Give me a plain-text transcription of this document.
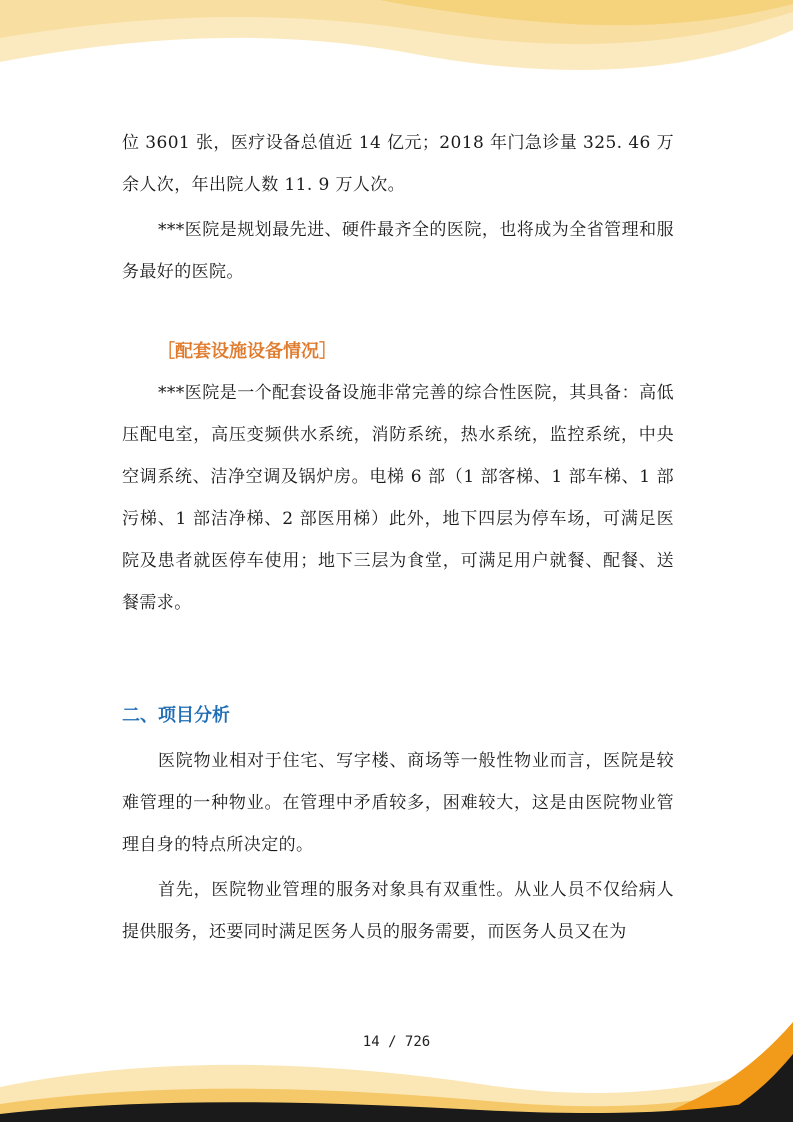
位 3601 张，医疗设备总值近 14 亿元；2018 年门急诊量 325. 46 万余人次，年出院人数 11. 9 万人次。

***医院是规划最先进、硬件最齐全的医院，也将成为全省管理和服务最好的医院。

［配套设施设备情况］

***医院是一个配套设备设施非常完善的综合性医院，其具备：高低压配电室，高压变频供水系统，消防系统，热水系统，监控系统，中央空调系统、洁净空调及锅炉房。电梯 6 部（1 部客梯、1 部车梯、1 部污梯、1 部洁净梯、2 部医用梯）此外，地下四层为停车场，可满足医院及患者就医停车使用；地下三层为食堂，可满足用户就餐、配餐、送餐需求。

二、项目分析

医院物业相对于住宅、写字楼、商场等一般性物业而言，医院是较难管理的一种物业。在管理中矛盾较多，困难较大，这是由医院物业管理自身的特点所决定的。

首先，医院物业管理的服务对象具有双重性。从业人员不仅给病人提供服务，还要同时满足医务人员的服务需要，而医务人员又在为

14 / 726
